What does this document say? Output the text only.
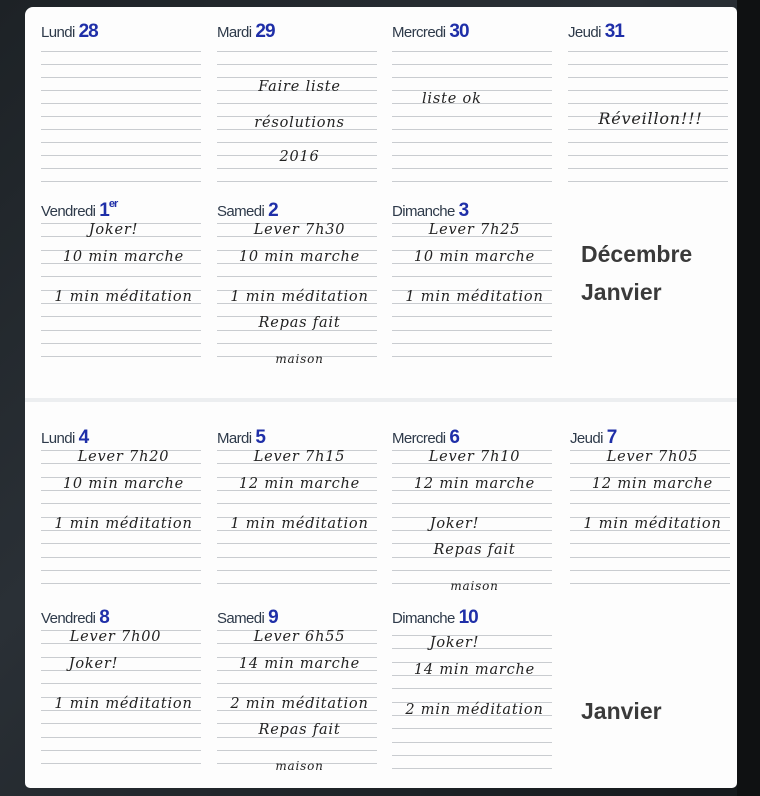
Lundi 28	Mardi 29
Faire liste
résolutions
2016
Mercredi 30
liste ok
Jeudi 31
Réveillon!!!
Vendredi 1er
Joker!
10 min marche
1 min méditation
Samedi 2
Lever 7h30
10 min marche
1 min méditation
Repas fait
maison
Dimanche 3
Lever 7h25
10 min marche
1 min méditation
Décembre
Janvier
Lundi 4
Lever 7h20
10 min marche
1 min méditation
Mardi 5
Lever 7h15
12 min marche
1 min méditation
Mercredi 6
Lever 7h10
12 min marche
Joker!
Repas fait
maison
Jeudi 7
Lever 7h05
12 min marche
1 min méditation
Vendredi 8
Lever 7h00
Joker!
1 min méditation
Samedi 9
Lever 6h55
14 min marche
2 min méditation
Repas fait
maison
Dimanche 10
Joker!
14 min marche
2 min méditation	Janvier
